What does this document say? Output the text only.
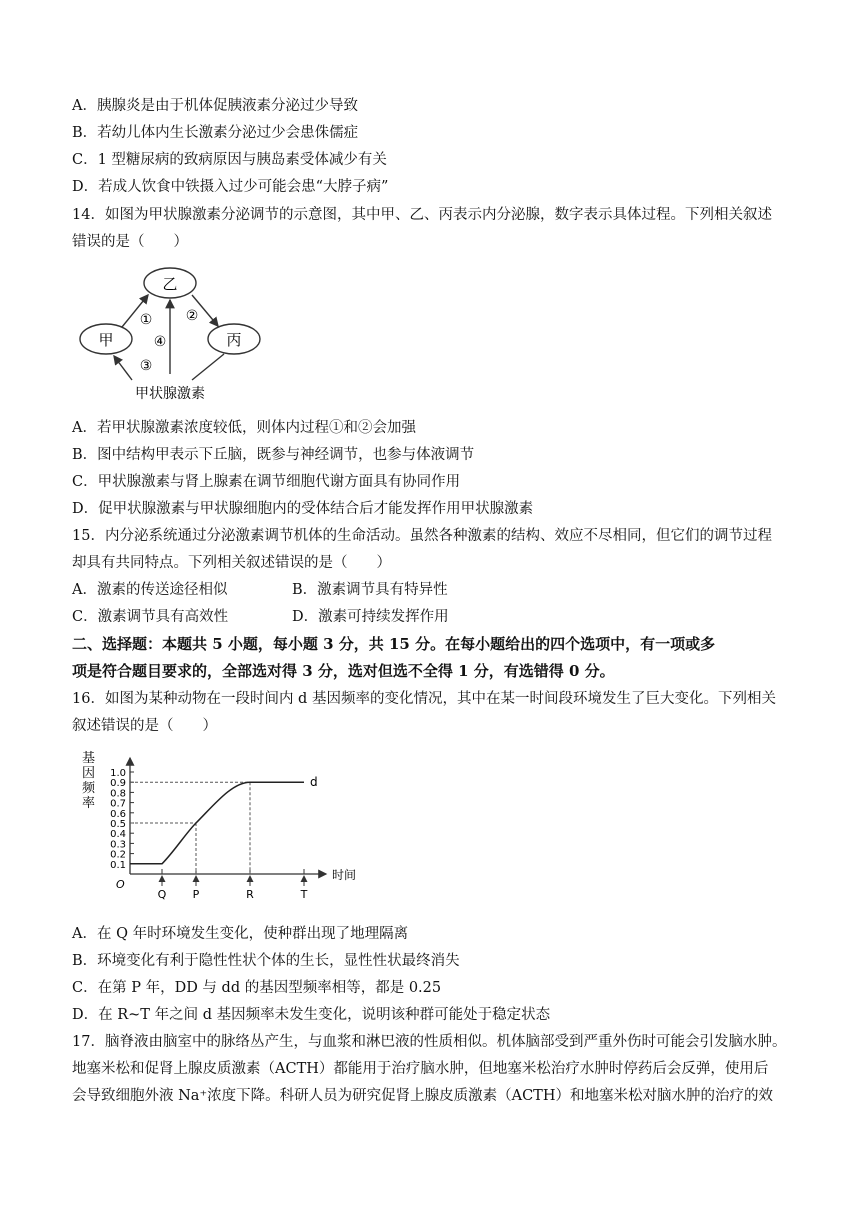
A．胰腺炎是由于机体促胰液素分泌过少导致
B．若幼儿体内生长激素分泌过少会患侏儒症
C．1 型糖尿病的致病原因与胰岛素受体减少有关
D．若成人饮食中铁摄入过少可能会患“大脖子病”
14．如图为甲状腺激素分泌调节的示意图，其中甲、乙、丙表示内分泌腺，数字表示具体过程。下列相关叙述
错误的是（　　）
乙
甲	丙
① ②
③
④
甲状腺激素
A．若甲状腺激素浓度较低，则体内过程①和②会加强
B．图中结构甲表示下丘脑，既参与神经调节，也参与体液调节
C．甲状腺激素与肾上腺素在调节细胞代谢方面具有协同作用
D．促甲状腺激素与甲状腺细胞内的受体结合后才能发挥作用甲状腺激素
15．内分泌系统通过分泌激素调节机体的生命活动。虽然各种激素的结构、效应不尽相同，但它们的调节过程
却具有共同特点。下列相关叙述错误的是（　　）
A．激素的传送途径相似	B．激素调节具有特异性
C．激素调节具有高效性	D．激素可持续发挥作用
二、选择题：本题共 5 小题，每小题 3 分，共 15 分。在每小题给出的四个选项中，有一项或多
项是符合题目要求的，全部选对得 3 分，选对但选不全得 1 分，有选错得 0 分。
16．如图为某种动物在一段时间内 d 基因频率的变化情况，其中在某一时间段环境发生了巨大变化。下列相关
叙述错误的是（　　）
基
因
频
率
0.1
0.2
0.3
0.4
0.5
0.6
0.7
0.8
0.9
1.0
O
Q P	R	T
时间
d
A．在 Q 年时环境发生变化，使种群出现了地理隔离
B．环境变化有利于隐性性状个体的生长，显性性状最终消失
C．在第 P 年，DD 与 dd 的基因型频率相等，都是 0.25
D．在 R~T 年之间 d 基因频率未发生变化，说明该种群可能处于稳定状态
17．脑脊液由脑室中的脉络丛产生，与血浆和淋巴液的性质相似。机体脑部受到严重外伤时可能会引发脑水肿。
地塞米松和促肾上腺皮质激素（ACTH）都能用于治疗脑水肿，但地塞米松治疗水肿时停药后会反弹，使用后
会导致细胞外液 Na⁺浓度下降。科研人员为研究促肾上腺皮质激素（ACTH）和地塞米松对脑水肿的治疗的效
